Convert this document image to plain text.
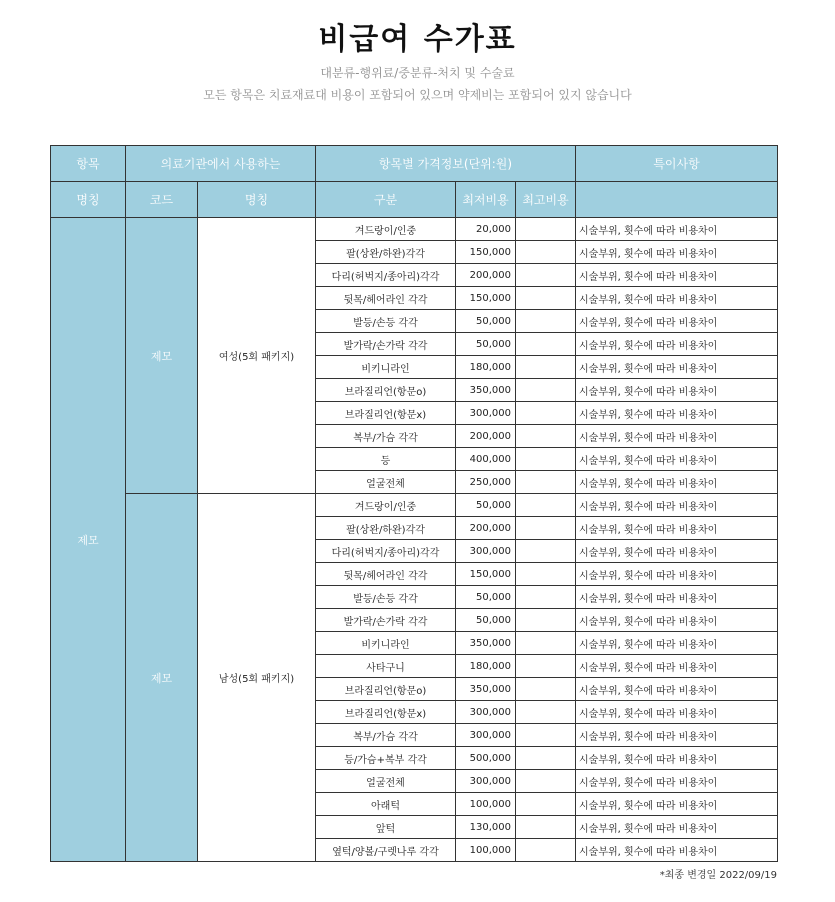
비급여 수가표
대분류-행위료/중분류-처치 및 수술료
모든 항목은 치료재료대 비용이 포함되어 있으며 약제비는 포함되어 있지 않습니다
항목	의료기관에서 사용하는		항목별 가격정보(단위:원)			특이사항
명칭	코드	명칭	구분	최저비용	최고비용	
제모	제모	여성(5회 패키지)	겨드랑이/인중	20,000		시술부위, 횟수에 따라 비용차이
			팔(상완/하완)각각	150,000		시술부위, 횟수에 따라 비용차이
			다리(허벅지/종아리)각각	200,000		시술부위, 횟수에 따라 비용차이
			뒷목/헤어라인 각각	150,000		시술부위, 횟수에 따라 비용차이
			발등/손등 각각	50,000		시술부위, 횟수에 따라 비용차이
			발가락/손가락 각각	50,000		시술부위, 횟수에 따라 비용차이
			비키니라인	180,000		시술부위, 횟수에 따라 비용차이
			브라질리언(항문o)	350,000		시술부위, 횟수에 따라 비용차이
			브라질리언(항문x)	300,000		시술부위, 횟수에 따라 비용차이
			복부/가슴 각각	200,000		시술부위, 횟수에 따라 비용차이
			등	400,000		시술부위, 횟수에 따라 비용차이
			얼굴전체	250,000		시술부위, 횟수에 따라 비용차이
	제모	남성(5회 패키지)	겨드랑이/인중	50,000		시술부위, 횟수에 따라 비용차이
			팔(상완/하완)각각	200,000		시술부위, 횟수에 따라 비용차이
			다리(허벅지/종아리)각각	300,000		시술부위, 횟수에 따라 비용차이
			뒷목/헤어라인 각각	150,000		시술부위, 횟수에 따라 비용차이
			발등/손등 각각	50,000		시술부위, 횟수에 따라 비용차이
			발가락/손가락 각각	50,000		시술부위, 횟수에 따라 비용차이
			비키니라인	350,000		시술부위, 횟수에 따라 비용차이
			사타구니	180,000		시술부위, 횟수에 따라 비용차이
			브라질리언(항문o)	350,000		시술부위, 횟수에 따라 비용차이
			브라질리언(항문x)	300,000		시술부위, 횟수에 따라 비용차이
			복부/가슴 각각	300,000		시술부위, 횟수에 따라 비용차이
			등/가슴+복부 각각	500,000		시술부위, 횟수에 따라 비용차이
			얼굴전체	300,000		시술부위, 횟수에 따라 비용차이
			아래턱	100,000		시술부위, 횟수에 따라 비용차이
			앞턱	130,000		시술부위, 횟수에 따라 비용차이
			옆턱/양볼/구렛나루 각각	100,000		시술부위, 횟수에 따라 비용차이
*최종 변경일 2022/09/19
